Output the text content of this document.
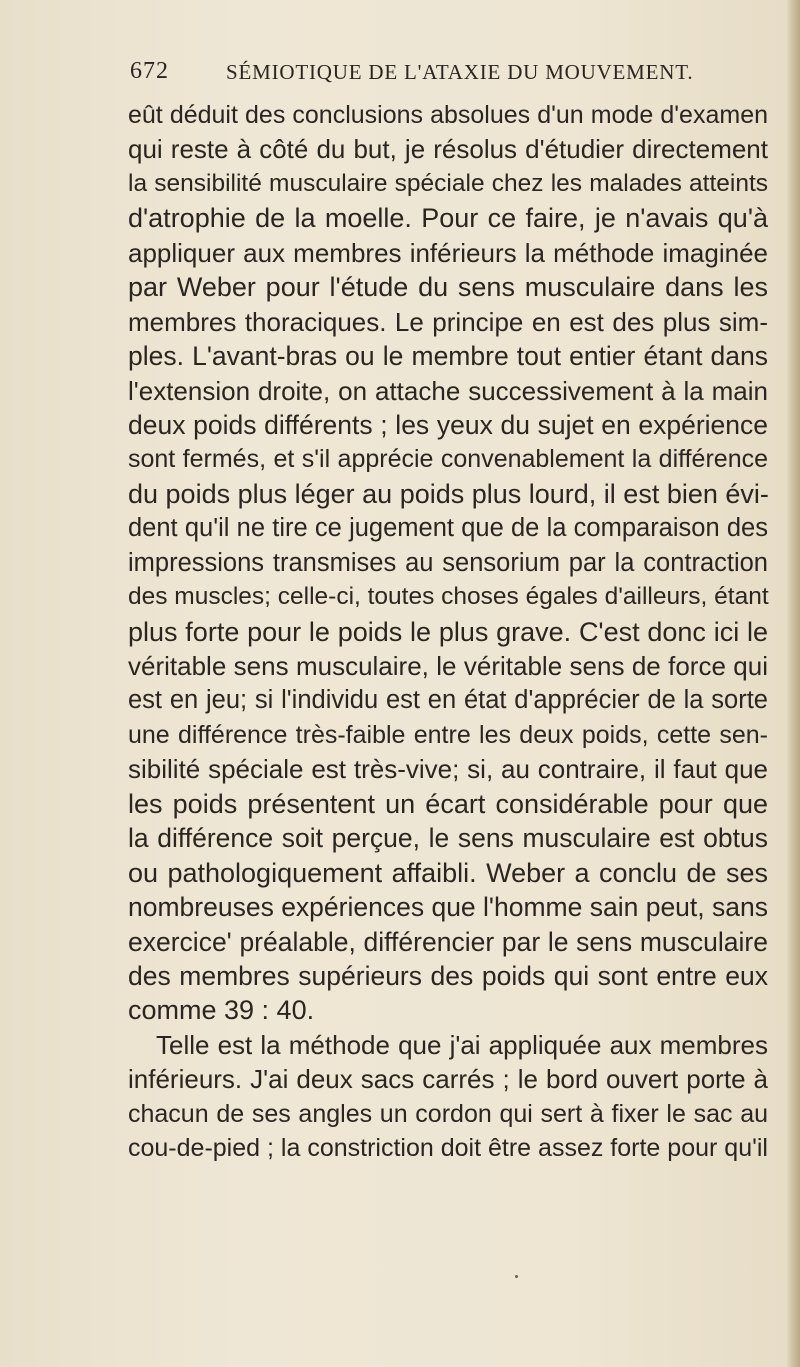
672	SÉMIOTIQUE DE L'ATAXIE DU MOUVEMENT.
eût déduit des conclusions absolues d'un mode d'examen
qui reste à côté du but, je résolus d'étudier directement
la sensibilité musculaire spéciale chez les malades atteints
d'atrophie de la moelle. Pour ce faire, je n'avais qu'à
appliquer aux membres inférieurs la méthode imaginée
par Weber pour l'étude du sens musculaire dans les
membres thoraciques. Le principe en est des plus sim-
ples. L'avant-bras ou le membre tout entier étant dans
l'extension droite, on attache successivement à la main
deux poids différents ; les yeux du sujet en expérience
sont fermés, et s'il apprécie convenablement la différence
du poids plus léger au poids plus lourd, il est bien évi-
dent qu'il ne tire ce jugement que de la comparaison des
impressions transmises au sensorium par la contraction
des muscles; celle-ci, toutes choses égales d'ailleurs, étant
plus forte pour le poids le plus grave. C'est donc ici le
véritable sens musculaire, le véritable sens de force qui
est en jeu; si l'individu est en état d'apprécier de la sorte
une différence très-faible entre les deux poids, cette sen-
sibilité spéciale est très-vive; si, au contraire, il faut que
les poids présentent un écart considérable pour que
la différence soit perçue, le sens musculaire est obtus
ou pathologiquement affaibli. Weber a conclu de ses
nombreuses expériences que l'homme sain peut, sans
exercice' préalable, différencier par le sens musculaire
des membres supérieurs des poids qui sont entre eux
comme 39 : 40.
Telle est la méthode que j'ai appliquée aux membres
inférieurs. J'ai deux sacs carrés ; le bord ouvert porte à
chacun de ses angles un cordon qui sert à fixer le sac au
cou-de-pied ; la constriction doit être assez forte pour qu'il
